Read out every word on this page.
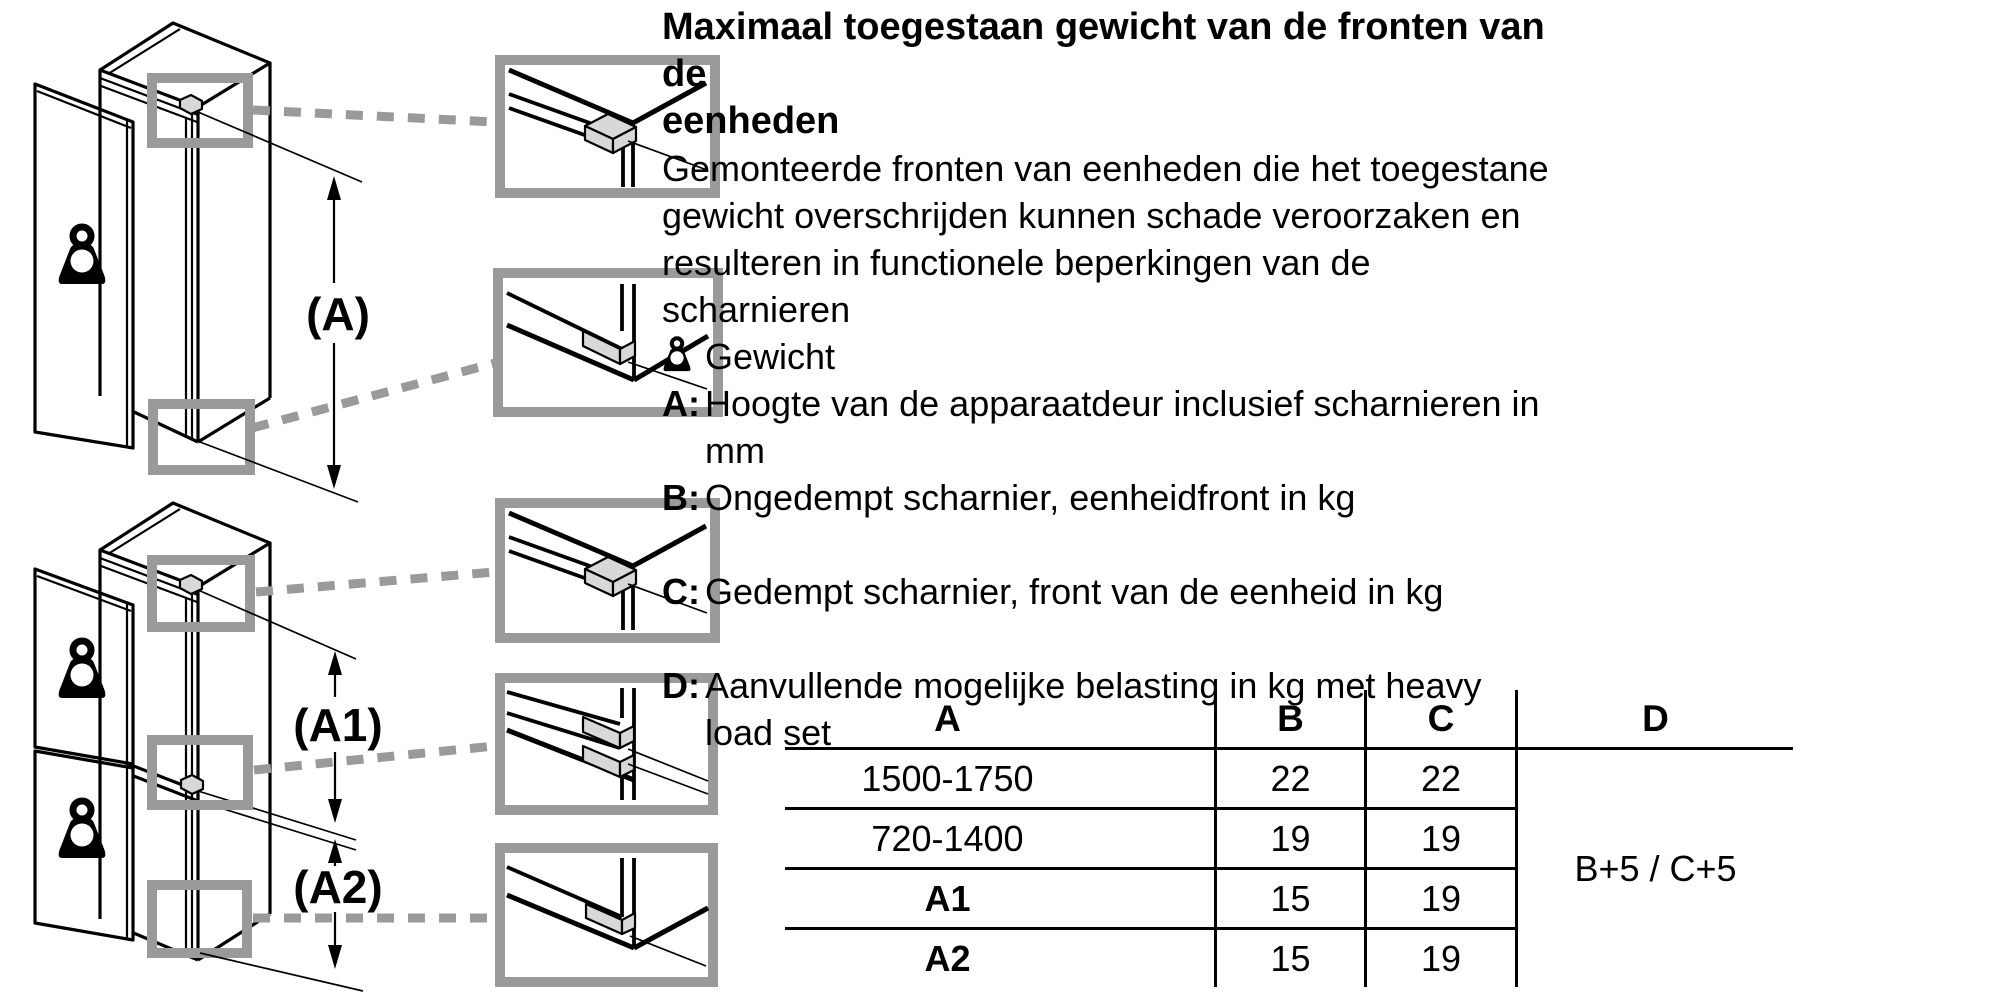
(A)
(A1)
(A2)
Maximaal toegestaan gewicht van de fronten van de
eenheden
Gemonteerde fronten van eenheden die het toegestane
gewicht overschrijden kunnen schade veroorzaken en
resulteren in functionele beperkingen van de scharnieren
Gewicht
A: Hoogte van de apparaatdeur inclusief scharnieren in
mm
B: Ongedempt scharnier, eenheidfront in kg
C: Gedempt scharnier, front van de eenheid in kg
D: Aanvullende mogelijke belasting in kg met heavy
load set	A	B	C	D
1500-1750	22	22	B+5 / C+5
720-1400	19	19	
A1	15	19	
A2	15	19	
